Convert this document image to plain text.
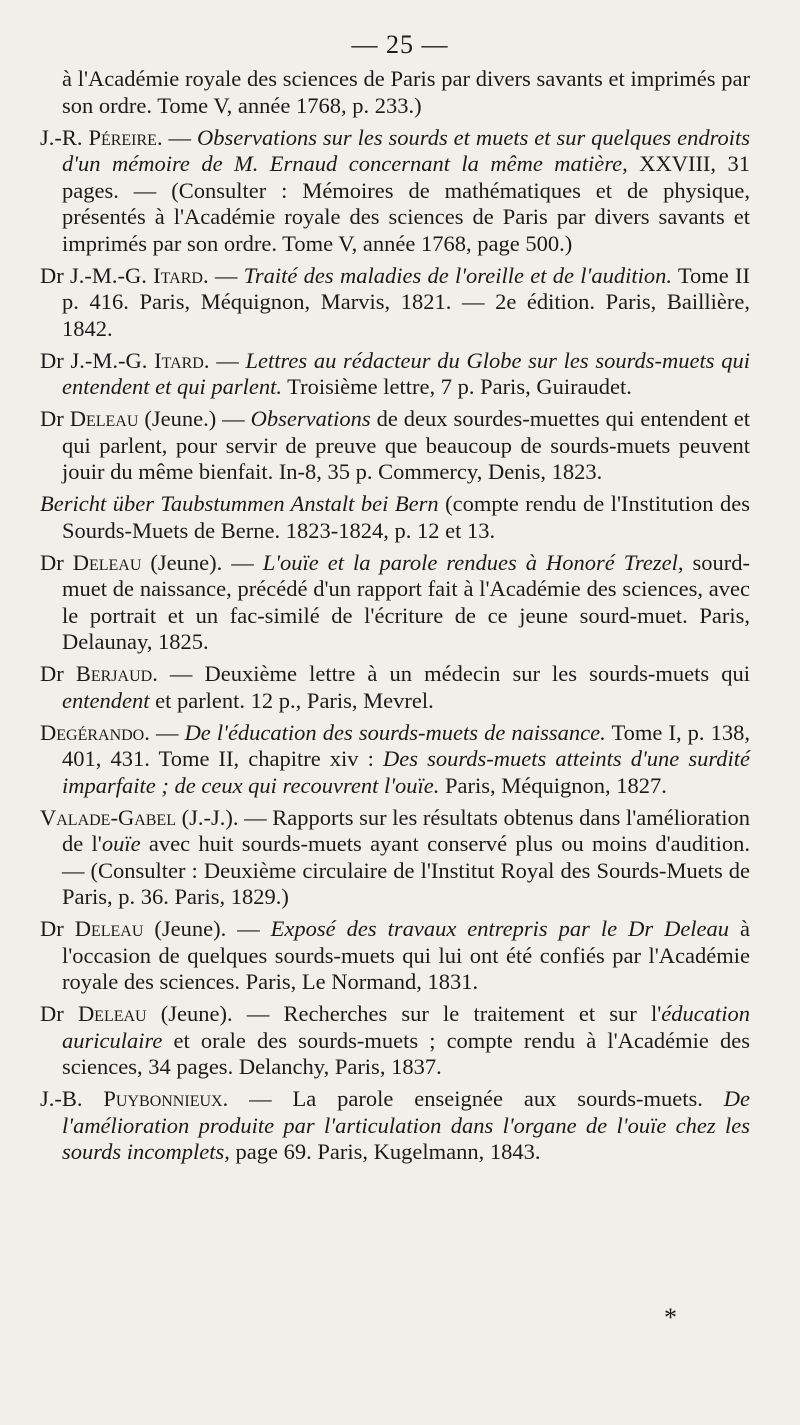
— 25 —

à l'Académie royale des sciences de Paris par divers savants et imprimés par son ordre. Tome V, année 1768, p. 233.)

J.-R. Péreire. — Observations sur les sourds et muets et sur quelques endroits d'un mémoire de M. Ernaud concernant la même matière, XXVIII, 31 pages. — (Consulter : Mémoires de mathématiques et de physique, présentés à l'Académie royale des sciences de Paris par divers savants et imprimés par son ordre. Tome V, année 1768, page 500.)

Dr J.-M.-G. Itard. — Traité des maladies de l'oreille et de l'audition. Tome II p. 416. Paris, Méquignon, Marvis, 1821. — 2e édition. Paris, Baillière, 1842.

Dr J.-M.-G. Itard. — Lettres au rédacteur du Globe sur les sourds-muets qui entendent et qui parlent. Troisième lettre, 7 p. Paris, Guiraudet.

Dr Deleau (Jeune.) — Observations de deux sourdes-muettes qui entendent et qui parlent, pour servir de preuve que beaucoup de sourds-muets peuvent jouir du même bienfait. In-8, 35 p. Commercy, Denis, 1823.

Bericht über Taubstummen Anstalt bei Bern (compte rendu de l'Institution des Sourds-Muets de Berne. 1823-1824, p. 12 et 13.

Dr Deleau (Jeune). — L'ouïe et la parole rendues à Honoré Trezel, sourd-muet de naissance, précédé d'un rapport fait à l'Académie des sciences, avec le portrait et un fac-similé de l'écriture de ce jeune sourd-muet. Paris, Delaunay, 1825.

Dr Berjaud. — Deuxième lettre à un médecin sur les sourds-muets qui entendent et parlent. 12 p., Paris, Mevrel.

Degérando. — De l'éducation des sourds-muets de naissance. Tome I, p. 138, 401, 431. Tome II, chapitre xiv : Des sourds-muets atteints d'une surdité imparfaite ; de ceux qui recouvrent l'ouïe. Paris, Méquignon, 1827.

Valade-Gabel (J.-J.). — Rapports sur les résultats obtenus dans l'amélioration de l'ouïe avec huit sourds-muets ayant conservé plus ou moins d'audition. — (Consulter : Deuxième circulaire de l'Institut Royal des Sourds-Muets de Paris, p. 36. Paris, 1829.)

Dr Deleau (Jeune). — Exposé des travaux entrepris par le Dr Deleau à l'occasion de quelques sourds-muets qui lui ont été confiés par l'Académie royale des sciences. Paris, Le Normand, 1831.

Dr Deleau (Jeune). — Recherches sur le traitement et sur l'éducation auriculaire et orale des sourds-muets ; compte rendu à l'Académie des sciences, 34 pages. Delanchy, Paris, 1837.

J.-B. Puybonnieux. — La parole enseignée aux sourds-muets. De l'amélioration produite par l'articulation dans l'organe de l'ouïe chez les sourds incomplets, page 69. Paris, Kugelmann, 1843.

*
